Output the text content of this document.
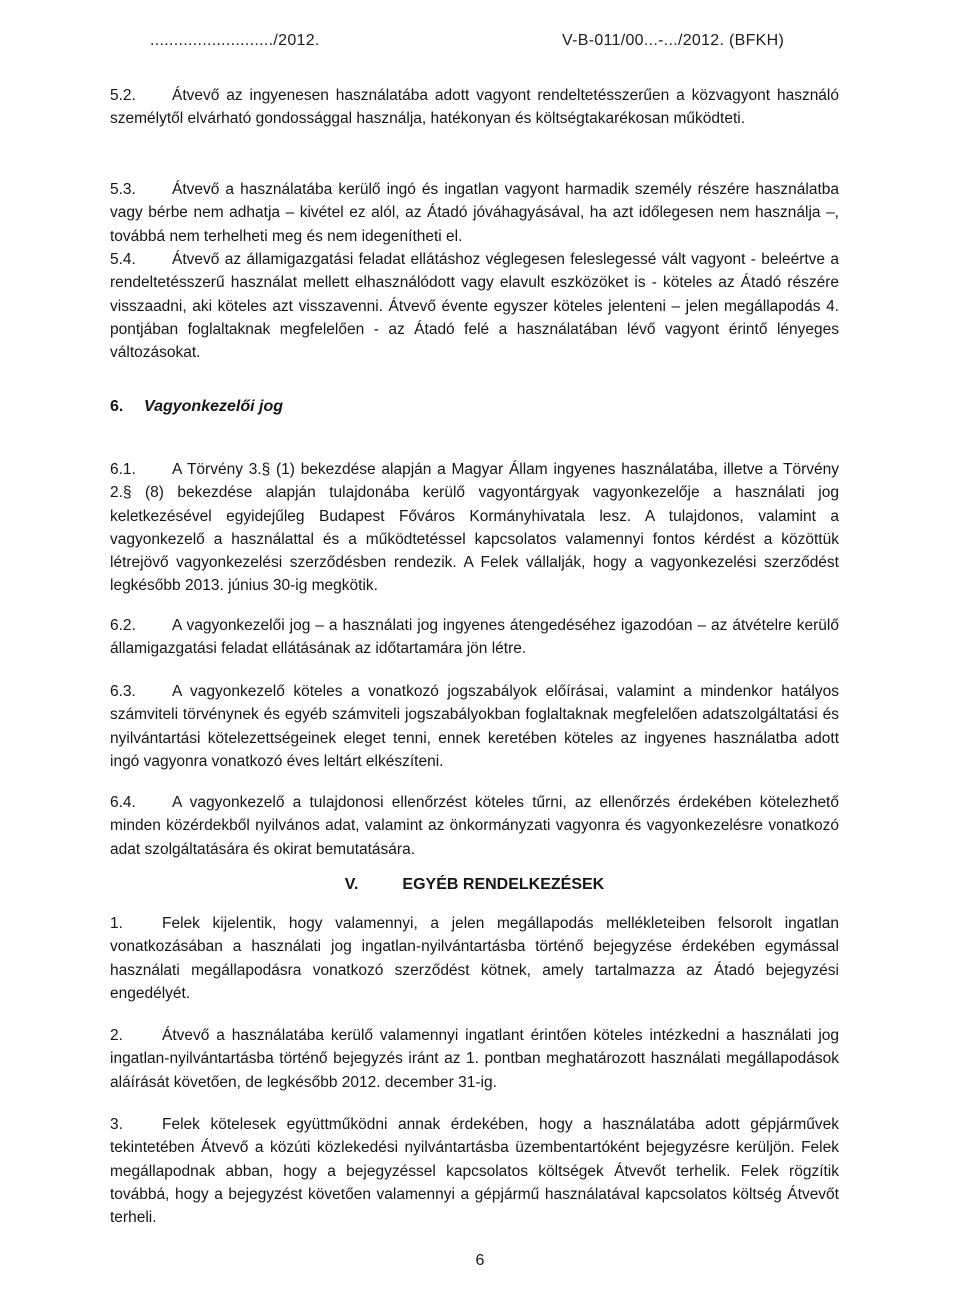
........................../2012.	V-B-011/00...-.../2012. (BFKH)
5.2. Átvevő az ingyenesen használatába adott vagyont rendeltetésszerűen a közvagyont használó személytől elvárható gondossággal használja, hatékonyan és költségtakarékosan működteti.
5.3. Átvevő a használatába kerülő ingó és ingatlan vagyont harmadik személy részére használatba vagy bérbe nem adhatja – kivétel ez alól, az Átadó jóváhagyásával, ha azt időlegesen nem használja –, továbbá nem terhelheti meg és nem idegenítheti el.
5.4. Átvevő az államigazgatási feladat ellátáshoz véglegesen feleslegessé vált vagyont - beleértve a rendeltetésszerű használat mellett elhasználódott vagy elavult eszközöket is - köteles az Átadó részére visszaadni, aki köteles azt visszavenni. Átvevő évente egyszer köteles jelenteni – jelen megállapodás 4. pontjában foglaltaknak megfelelően - az Átadó felé a használatában lévő vagyont érintő lényeges változásokat.
6. Vagyonkezelői jog
6.1. A Törvény 3.§ (1) bekezdése alapján a Magyar Állam ingyenes használatába, illetve a Törvény 2.§ (8) bekezdése alapján tulajdonába kerülő vagyontárgyak vagyonkezelője a használati jog keletkezésével egyidejűleg Budapest Főváros Kormányhivatala lesz. A tulajdonos, valamint a vagyonkezelő a használattal és a működtetéssel kapcsolatos valamennyi fontos kérdést a közöttük létrejövő vagyonkezelési szerződésben rendezik. A Felek vállalják, hogy a vagyonkezelési szerződést legkésőbb 2013. június 30-ig megkötik.
6.2. A vagyonkezelői jog – a használati jog ingyenes átengedéséhez igazodóan – az átvételre kerülő államigazgatási feladat ellátásának az időtartamára jön létre.
6.3. A vagyonkezelő köteles a vonatkozó jogszabályok előírásai, valamint a mindenkor hatályos számviteli törvénynek és egyéb számviteli jogszabályokban foglaltaknak megfelelően adatszolgáltatási és nyilvántartási kötelezettségeinek eleget tenni, ennek keretében köteles az ingyenes használatba adott ingó vagyonra vonatkozó éves leltárt elkészíteni.
6.4. A vagyonkezelő a tulajdonosi ellenőrzést köteles tűrni, az ellenőrzés érdekében kötelezhető minden közérdekből nyilvános adat, valamint az önkormányzati vagyonra és vagyonkezelésre vonatkozó adat szolgáltatására és okirat bemutatására.
V.	EGYÉB RENDELKEZÉSEK
1.	Felek kijelentik, hogy valamennyi, a jelen megállapodás mellékleteiben felsorolt ingatlan vonatkozásában a használati jog ingatlan-nyilvántartásba történő bejegyzése érdekében egymással használati megállapodásra vonatkozó szerződést kötnek, amely tartalmazza az Átadó bejegyzési engedélyét.
2.	Átvevő a használatába kerülő valamennyi ingatlant érintően köteles intézkedni a használati jog ingatlan-nyilvántartásba történő bejegyzés iránt az 1. pontban meghatározott használati megállapodások aláírását követően, de legkésőbb 2012. december 31-ig.
3.	Felek kötelesek együttműködni annak érdekében, hogy a használatába adott gépjárművek tekintetében Átvevő a közúti közlekedési nyilvántartásba üzembentartóként bejegyzésre kerüljön. Felek megállapodnak abban, hogy a bejegyzéssel kapcsolatos költségek Átvevőt terhelik. Felek rögzítik továbbá, hogy a bejegyzést követően valamennyi a gépjármű használatával kapcsolatos költség Átvevőt terheli.
6
